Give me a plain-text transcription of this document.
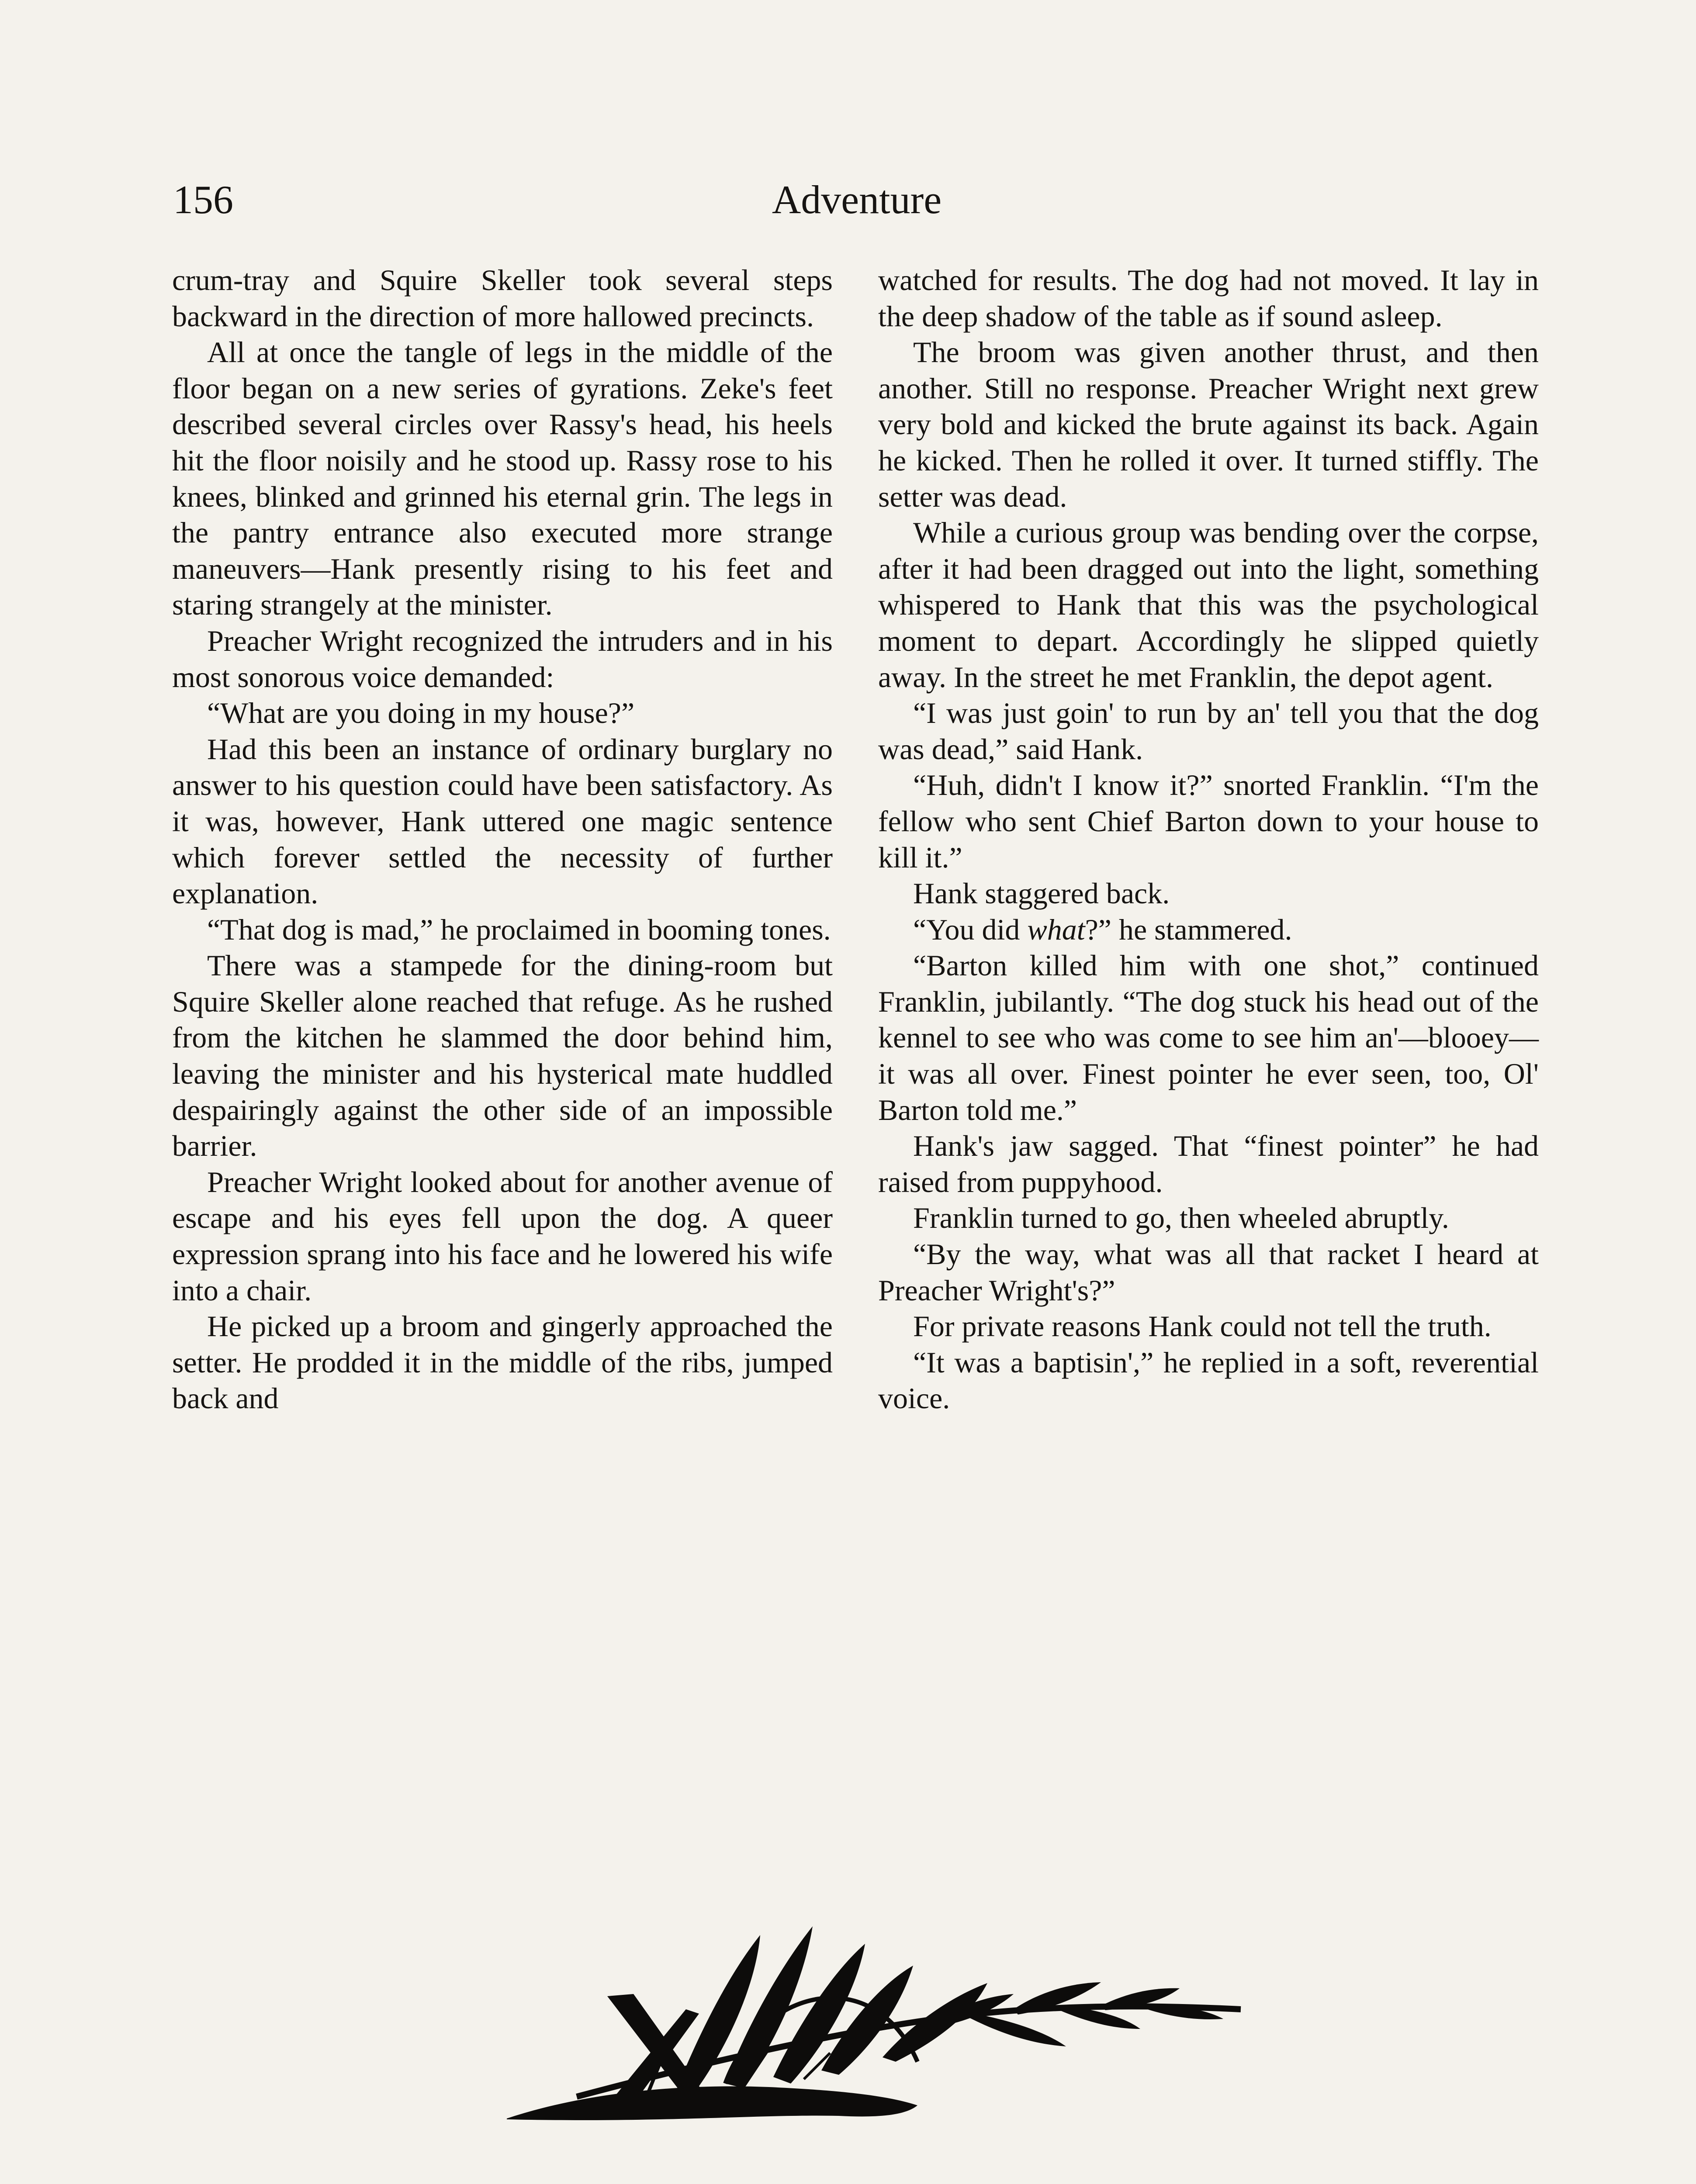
156	Adventure

crum-tray and Squire Skeller took several steps backward in the direction of more hallowed precincts.

All at once the tangle of legs in the middle of the floor began on a new series of gyrations. Zeke's feet described several circles over Rassy's head, his heels hit the floor noisily and he stood up. Rassy rose to his knees, blinked and grinned his eternal grin. The legs in the pantry entrance also executed more strange maneuvers—Hank presently rising to his feet and staring strangely at the minister.

Preacher Wright recognized the intruders and in his most sonorous voice demanded:

“What are you doing in my house?”

Had this been an instance of ordinary burglary no answer to his question could have been satisfactory. As it was, however, Hank uttered one magic sentence which forever settled the necessity of further explanation.

“That dog is mad,” he proclaimed in booming tones.

There was a stampede for the dining-room but Squire Skeller alone reached that refuge. As he rushed from the kitchen he slammed the door behind him, leaving the minister and his hysterical mate huddled despairingly against the other side of an impossible barrier.

Preacher Wright looked about for another avenue of escape and his eyes fell upon the dog. A queer expression sprang into his face and he lowered his wife into a chair.

He picked up a broom and gingerly approached the setter. He prodded it in the middle of the ribs, jumped back and

watched for results. The dog had not moved. It lay in the deep shadow of the table as if sound asleep.

The broom was given another thrust, and then another. Still no response. Preacher Wright next grew very bold and kicked the brute against its back. Again he kicked. Then he rolled it over. It turned stiffly. The setter was dead.

While a curious group was bending over the corpse, after it had been dragged out into the light, something whispered to Hank that this was the psychological moment to depart. Accordingly he slipped quietly away. In the street he met Franklin, the depot agent.

“I was just goin' to run by an' tell you that the dog was dead,” said Hank.

“Huh, didn't I know it?” snorted Franklin. “I'm the fellow who sent Chief Barton down to your house to kill it.”

Hank staggered back.

“You did what?” he stammered.

“Barton killed him with one shot,” continued Franklin, jubilantly. “The dog stuck his head out of the kennel to see who was come to see him an'—blooey—it was all over. Finest pointer he ever seen, too, Ol' Barton told me.”

Hank's jaw sagged. That “finest pointer” he had raised from puppyhood.

Franklin turned to go, then wheeled abruptly.

“By the way, what was all that racket I heard at Preacher Wright's?”

For private reasons Hank could not tell the truth.

“It was a baptisin',” he replied in a soft, reverential voice.
